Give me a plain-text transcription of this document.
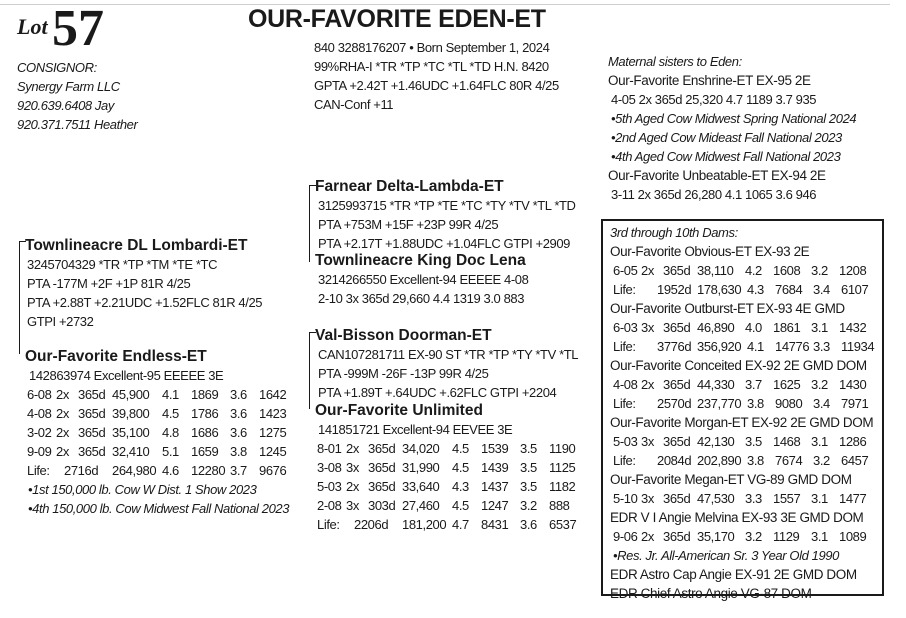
Lot 57	OUR-FAVORITE EDEN-ET
CONSIGNOR:
Synergy Farm LLC
920.639.6408 Jay
920.371.7511 Heather
840 3288176207 • Born September 1, 2024
99%RHA-I *TR *TP *TC *TL *TD H.N. 8420
GPTA +2.42T +1.46UDC +1.64FLC 80R 4/25
CAN-Conf +11
Maternal sisters to Eden:
Our-Favorite Enshrine-ET EX-95 2E
4-05 2x 365d 25,320 4.7 1189 3.7 935
•5th Aged Cow Midwest Spring National 2024
•2nd Aged Cow Mideast Fall National 2023
•4th Aged Cow Midwest Fall National 2023
Our-Favorite Unbeatable-ET EX-94 2E
3-11 2x 365d 26,280 4.1 1065 3.6 946
Farnear Delta-Lambda-ET
3125993715 *TR *TP *TE *TC *TY *TV *TL *TD
PTA +753M +15F +23P 99R 4/25
PTA +2.17T +1.88UDC +1.04FLC GTPI +2909
Townlineacre King Doc Lena
3214266550 Excellent-94 EEEEE 4-08
2-10 3x 365d 29,660 4.4 1319 3.0 883
Townlineacre DL Lombardi-ET
3245704329 *TR *TP *TM *TE *TC
PTA -177M +2F +1P 81R 4/25
PTA +2.88T +2.21UDC +1.52FLC 81R 4/25
GTPI +2732
Val-Bisson Doorman-ET
CAN107281711 EX-90 ST *TR *TP *TY *TV *TL
PTA -999M -26F -13P 99R 4/25
PTA +1.89T +.64UDC +.62FLC GTPI +2204
Our-Favorite Endless-ET
142863974 Excellent-95 EEEEE 3E
6-08 2x 365d 45,900 4.1 1869 3.6 1642
4-08 2x 365d 39,800 4.5 1786 3.6 1423
3-02 2x 365d 35,100 4.8 1686 3.6 1275
9-09 2x 365d 32,410 5.1 1659 3.8 1245
Life:	2716d	264,980 4.6 12280 3.7 9676
•1st 150,000 lb. Cow W Dist. 1 Show 2023
•4th 150,000 lb. Cow Midwest Fall National 2023
Our-Favorite Unlimited
141851721 Excellent-94 EEVEE 3E
8-01 2x 365d 34,020 4.5 1539 3.5 1190
3-08 3x 365d 31,990 4.5 1439 3.5 1125
5-03 2x 365d 33,640 4.3 1437 3.5 1182
2-08 3x 303d 27,460 4.5 1247 3.2 888
Life:	2206d	181,200 4.7 8431 3.6 6537
3rd through 10th Dams:
Our-Favorite Obvious-ET EX-93 2E
6-05 2x 365d 38,110 4.2 1608 3.2 1208
Life:	1952d 178,630 4.3 7684 3.4 6107
Our-Favorite Outburst-ET EX-93 4E GMD
6-03 3x 365d 46,890 4.0 1861 3.1 1432
Life:	3776d 356,920 4.1 14776 3.3 11934
Our-Favorite Conceited EX-92 2E GMD DOM
4-08 2x 365d 44,330 3.7 1625 3.2 1430
Life:	2570d 237,770 3.8 9080 3.4 7971
Our-Favorite Morgan-ET EX-92 2E GMD DOM
5-03 3x 365d 42,130 3.5 1468 3.1 1286
Life:	2084d 202,890 3.8 7674 3.2 6457
Our-Favorite Megan-ET VG-89 GMD DOM
5-10 3x 365d 47,530 3.3 1557 3.1 1477
EDR V I Angie Melvina EX-93 3E GMD DOM
9-06 2x 365d 35,170 3.2 1129 3.1 1089
•Res. Jr. All-American Sr. 3 Year Old 1990
EDR Astro Cap Angie EX-91 2E GMD DOM
EDR Chief Astro Angie VG-87 DOM
